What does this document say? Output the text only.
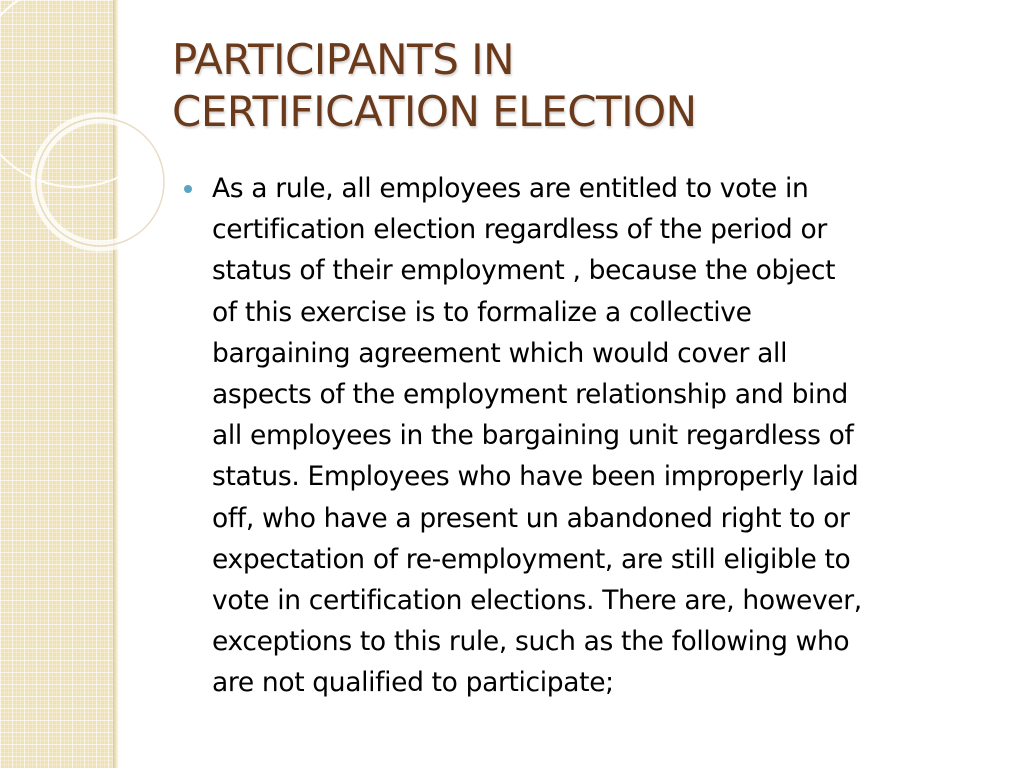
PARTICIPANTS IN
CERTIFICATION ELECTION

As a rule, all employees are entitled to vote in
certification election regardless of the period or
status of their employment , because the object
of this exercise is to formalize a collective
bargaining agreement which would cover all
aspects of the employment relationship and bind
all employees in the bargaining unit regardless of
status. Employees who have been improperly laid
off, who have a present un abandoned right to or
expectation of re-employment, are still eligible to
vote in certification elections. There are, however,
exceptions to this rule, such as the following who
are not qualified to participate;
